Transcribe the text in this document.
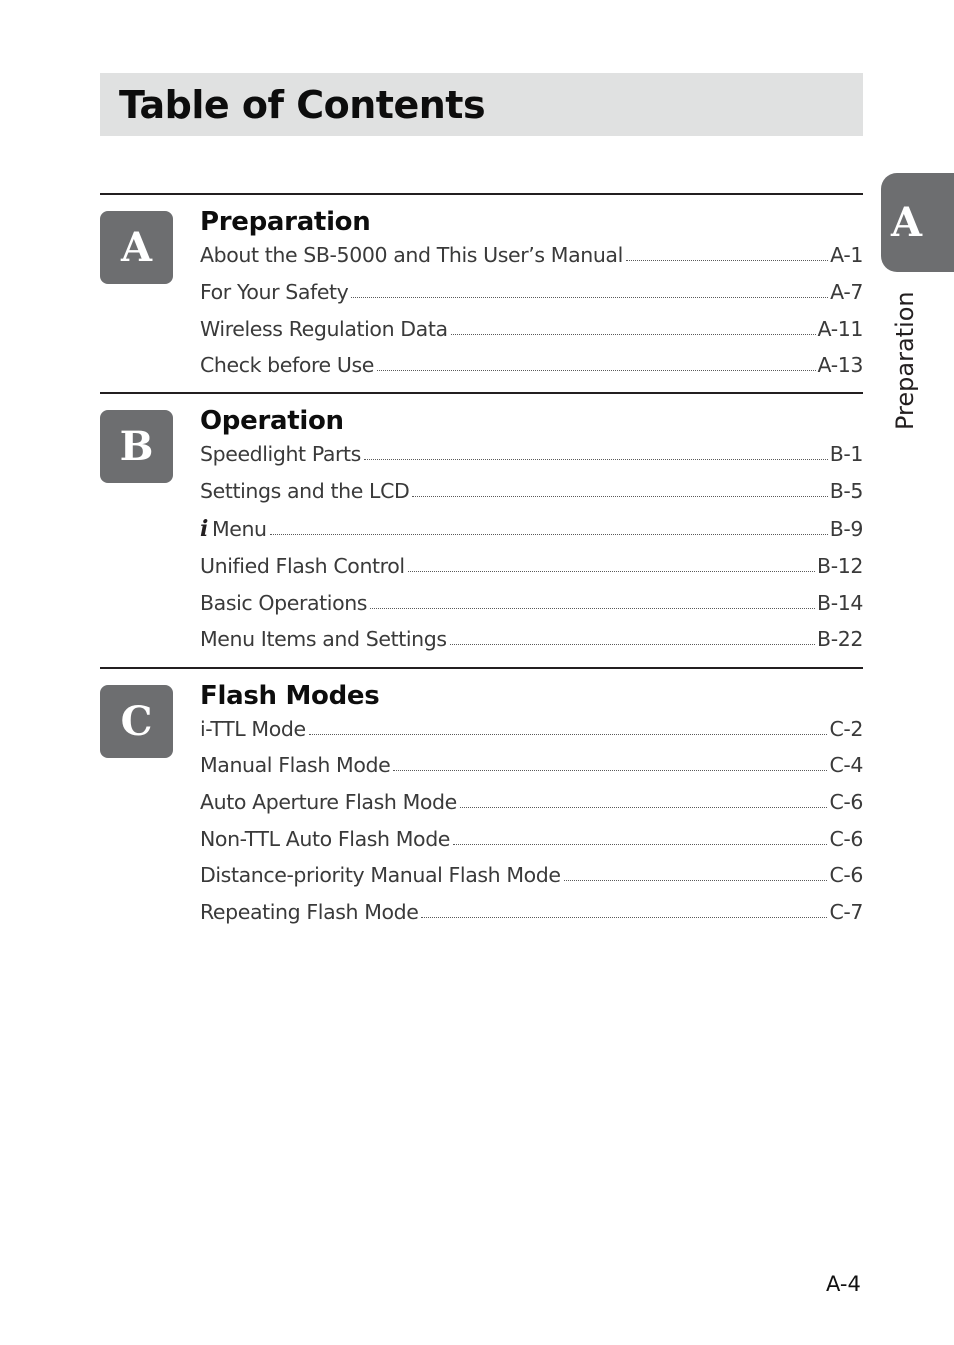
Table of Contents
A
Preparation
About the SB-5000 and This User’s Manual	A-1
For Your Safety	A-7
Wireless Regulation Data	A-11
Check before Use	A-13
B
Operation
Speedlight Parts	B-1
Settings and the LCD	B-5
i Menu	B-9
Unified Flash Control	B-12
Basic Operations	B-14
Menu Items and Settings	B-22
C
Flash Modes
i-TTL Mode	C-2
Manual Flash Mode	C-4
Auto Aperture Flash Mode	C-6
Non-TTL Auto Flash Mode	C-6
Distance-priority Manual Flash Mode	C-6
Repeating Flash Mode	C-7
A
Preparation
A-4
